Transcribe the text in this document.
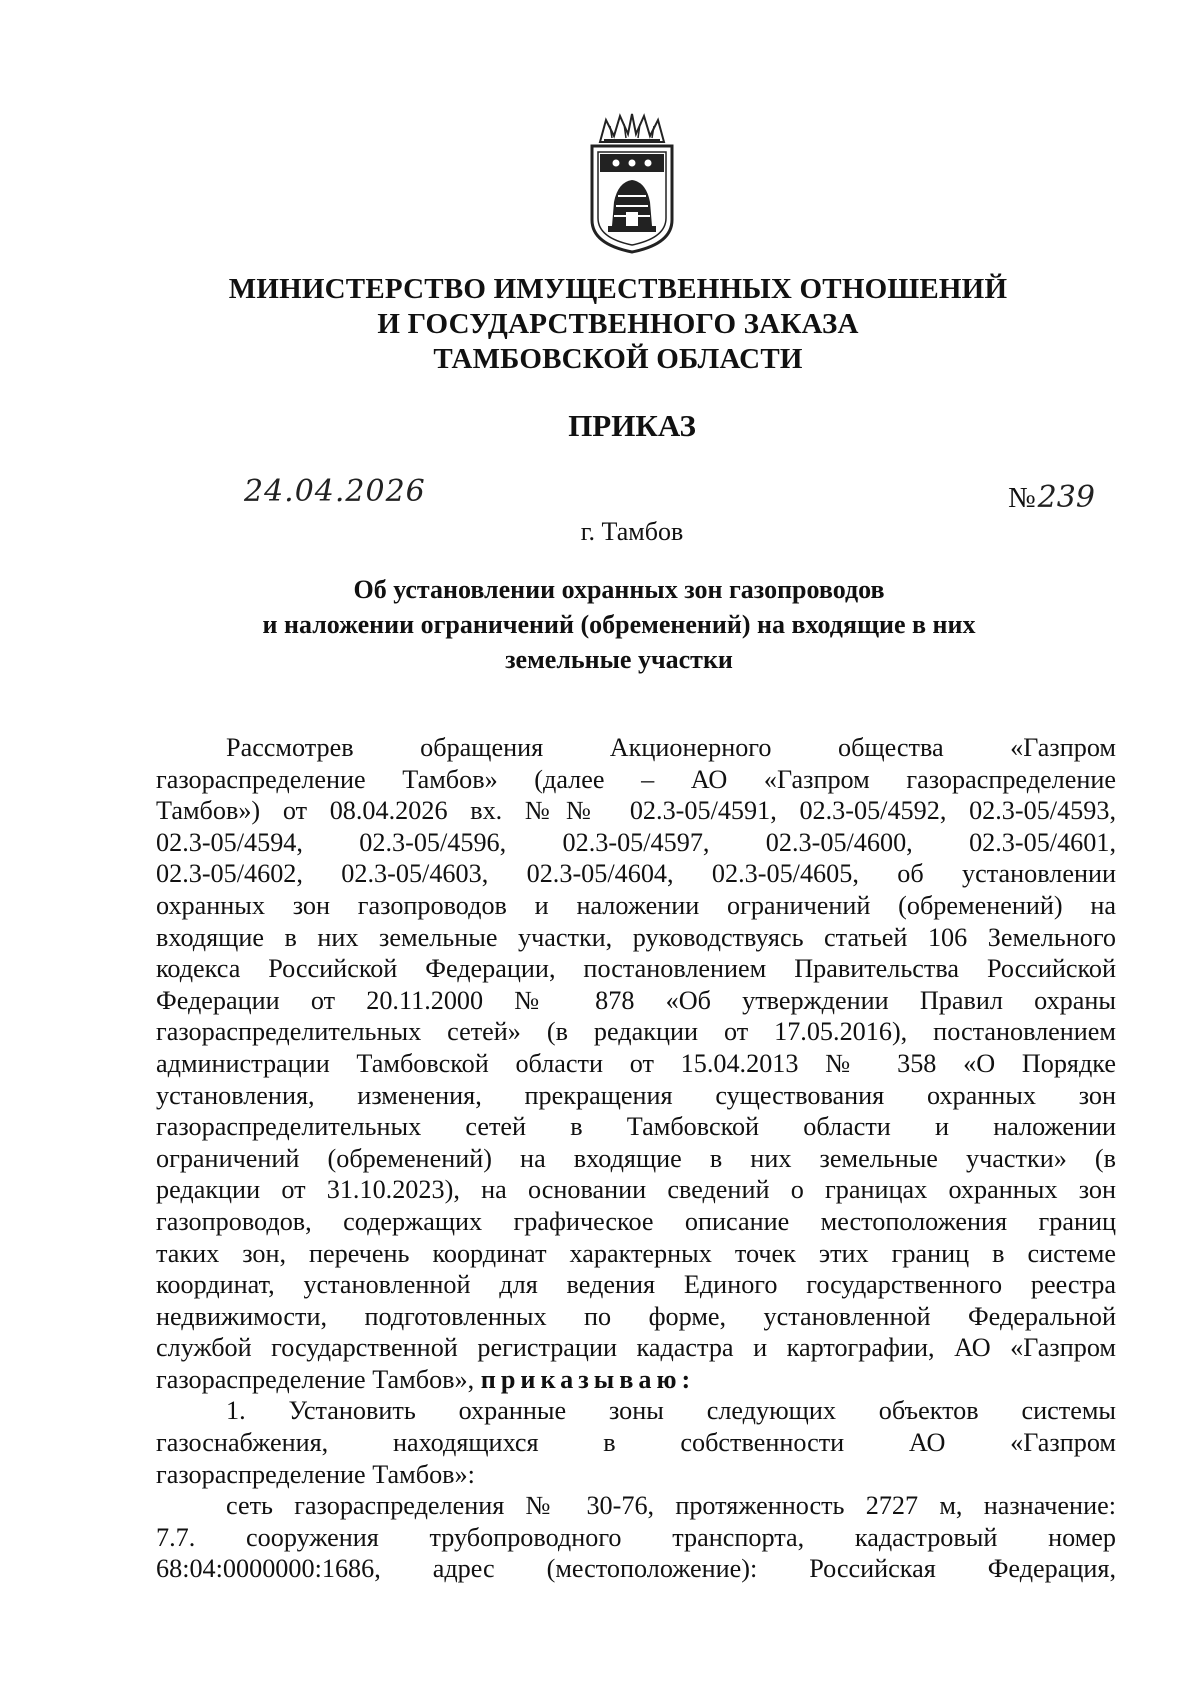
МИНИСТЕРСТВО ИМУЩЕСТВЕННЫХ ОТНОШЕНИЙ
И ГОСУДАРСТВЕННОГО ЗАКАЗА
ТАМБОВСКОЙ ОБЛАСТИ
ПРИКАЗ
24.04.2026	№239
г. Тамбов
Об установлении охранных зон газопроводов
и наложении ограничений (обременений) на входящие в них
земельные участки
Рассмотрев обращения Акционерного общества «Газпром
газораспределение Тамбов» (далее – АО «Газпром газораспределение
Тамбов») от 08.04.2026 вх. №№ 02.3-05/4591, 02.3-05/4592, 02.3-05/4593,
02.3-05/4594, 02.3-05/4596, 02.3-05/4597, 02.3-05/4600, 02.3-05/4601,
02.3-05/4602, 02.3-05/4603, 02.3-05/4604, 02.3-05/4605, об установлении
охранных зон газопроводов и наложении ограничений (обременений) на
входящие в них земельные участки, руководствуясь статьей 106 Земельного
кодекса Российской Федерации, постановлением Правительства Российской
Федерации от 20.11.2000 № 878 «Об утверждении Правил охраны
газораспределительных сетей» (в редакции от 17.05.2016), постановлением
администрации Тамбовской области от 15.04.2013 № 358 «О Порядке
установления, изменения, прекращения существования охранных зон
газораспределительных сетей в Тамбовской области и наложении
ограничений (обременений) на входящие в них земельные участки» (в
редакции от 31.10.2023), на основании сведений о границах охранных зон
газопроводов, содержащих графическое описание местоположения границ
таких зон, перечень координат характерных точек этих границ в системе
координат, установленной для ведения Единого государственного реестра
недвижимости, подготовленных по форме, установленной Федеральной
службой государственной регистрации кадастра и картографии, АО «Газпром
газораспределение Тамбов», приказываю:
1. Установить охранные зоны следующих объектов системы
газоснабжения, находящихся в собственности АО «Газпром
газораспределение Тамбов»:
сеть газораспределения № 30-76, протяженность 2727 м, назначение:
7.7. сооружения трубопроводного транспорта, кадастровый номер
68:04:0000000:1686, адрес (местоположение): Российская Федерация,
